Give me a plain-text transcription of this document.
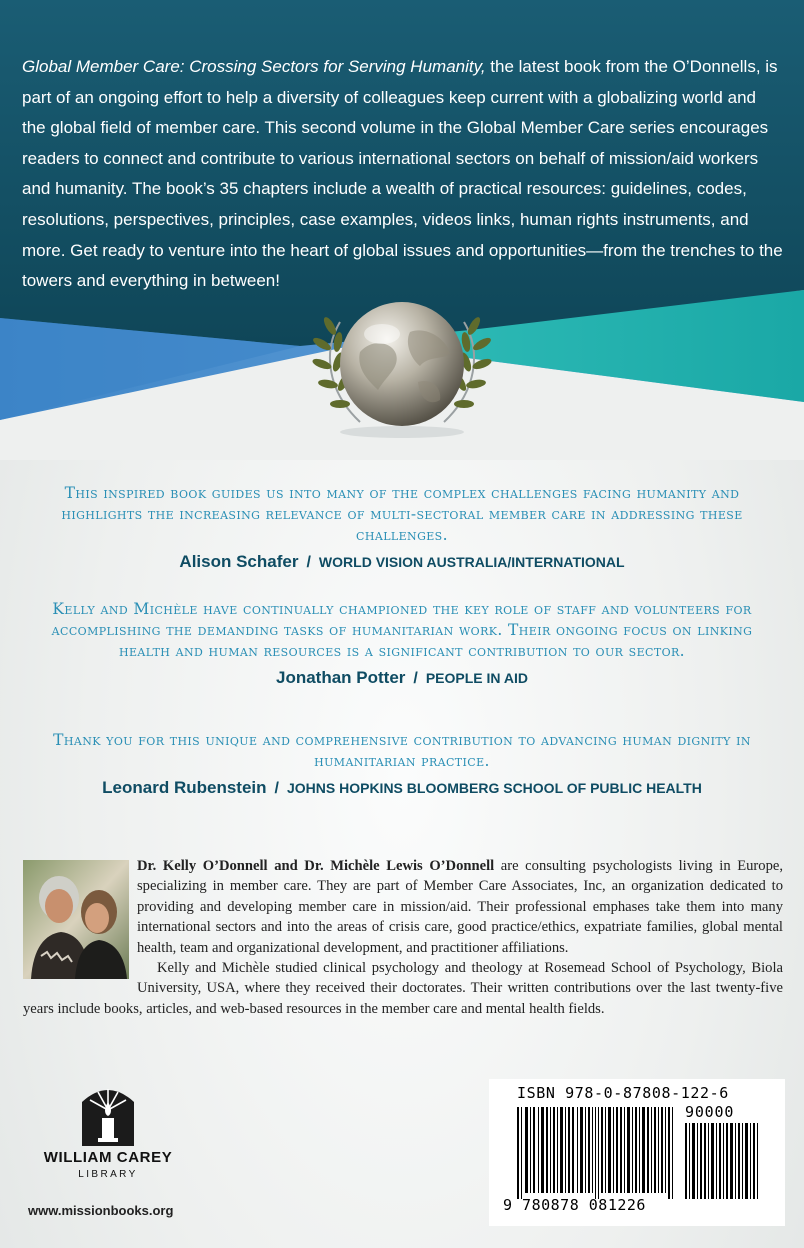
Global Member Care: Crossing Sectors for Serving Humanity, the latest book from the O’Donnells, is part of an ongoing effort to help a diversity of colleagues keep current with a globalizing world and the global field of member care. This second volume in the Global Member Care series encourages readers to connect and contribute to various international sectors on behalf of mission/aid workers and humanity. The book’s 35 chapters include a wealth of practical resources: guidelines, codes, resolutions, perspectives, principles, case examples, videos links, human rights instruments, and more. Get ready to venture into the heart of global issues and opportunities—from the trenches to the towers and everything in between!
This inspired book guides us into many of the complex challenges facing humanity and highlights the increasing relevance of multi-sectoral member care in addressing these challenges.
Alison Schafer / WORLD VISION AUSTRALIA/INTERNATIONAL
Kelly and Michèle have continually championed the key role of staff and volunteers for accomplishing the demanding tasks of humanitarian work. Their ongoing focus on linking health and human resources is a significant contribution to our sector.
Jonathan Potter / PEOPLE IN AID
Thank you for this unique and comprehensive contribution to advancing human dignity in humanitarian practice.
Leonard Rubenstein / JOHNS HOPKINS BLOOMBERG SCHOOL OF PUBLIC HEALTH

Dr. Kelly O’Donnell and Dr. Michèle Lewis O’Donnell are consulting psychologists living in Europe, specializing in member care. They are part of Member Care Associates, Inc, an organization dedicated to providing and developing member care in mission/aid. Their professional emphases take them into many international sectors and into the areas of crisis care, good practice/ethics, expatriate families, global mental health, team and organizational development, and practitioner affiliations.

Kelly and Michèle studied clinical psychology and theology at Rosemead School of Psychology, Biola University, USA, where they received their doctorates. Their written contributions over the last twenty-five years include books, articles, and web-based resources in the member care and mental health fields.

WILLIAM CAREY
LIBRARY
www.missionbooks.org
ISBN 978-0-87808-122-6
90000
9 780878 081226
